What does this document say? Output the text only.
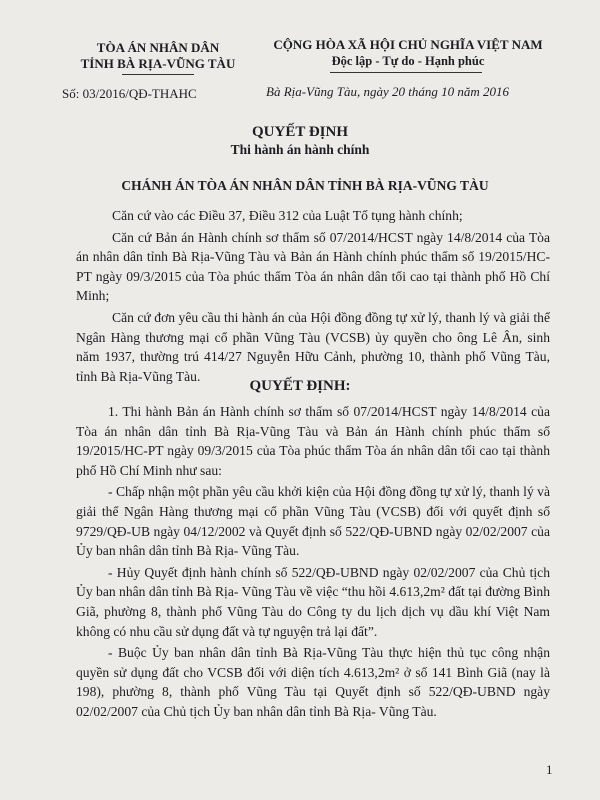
TÒA ÁN NHÂN DÂN
TỈNH BÀ RỊA-VŨNG TÀU
Số: 03/2016/QĐ-THAHC
CỘNG HÒA XÃ HỘI CHỦ NGHĨA VIỆT NAM
Độc lập - Tự do - Hạnh phúc
Bà Rịa-Vũng Tàu, ngày 20 tháng 10 năm 2016
QUYẾT ĐỊNH
Thi hành án hành chính
CHÁNH ÁN TÒA ÁN NHÂN DÂN TỈNH BÀ RỊA-VŨNG TÀU

Căn cứ vào các Điều 37, Điều 312 của Luật Tố tụng hành chính;

Căn cứ Bản án Hành chính sơ thẩm số 07/2014/HCST ngày 14/8/2014 của Tòa án nhân dân tỉnh Bà Rịa-Vũng Tàu và Bản án Hành chính phúc thẩm số 19/2015/HC-PT ngày 09/3/2015 của Tòa phúc thẩm Tòa án nhân dân tối cao tại thành phố Hồ Chí Minh;

Căn cứ đơn yêu cầu thi hành án của Hội đồng đồng tự xử lý, thanh lý và giải thể Ngân Hàng thương mại cổ phần Vũng Tàu (VCSB) ủy quyền cho ông Lê Ân, sinh năm 1937, thường trú 414/27 Nguyễn Hữu Cảnh, phường 10, thành phố Vũng Tàu, tỉnh Bà Rịa-Vũng Tàu.

QUYẾT ĐỊNH:

1. Thi hành Bản án Hành chính sơ thẩm số 07/2014/HCST ngày 14/8/2014 của Tòa án nhân dân tỉnh Bà Rịa-Vũng Tàu và Bản án Hành chính phúc thẩm số 19/2015/HC-PT ngày 09/3/2015 của Tòa phúc thẩm Tòa án nhân dân tối cao tại thành phố Hồ Chí Minh như sau:

- Chấp nhận một phần yêu cầu khởi kiện của Hội đồng đồng tự xử lý, thanh lý và giải thể Ngân Hàng thương mại cổ phần Vũng Tàu (VCSB) đối với quyết định số 9729/QĐ-UB ngày 04/12/2002 và Quyết định số 522/QĐ-UBND ngày 02/02/2007 của Ủy ban nhân dân tỉnh Bà Rịa- Vũng Tàu.

- Hủy Quyết định hành chính số 522/QĐ-UBND ngày 02/02/2007 của Chủ tịch Ủy ban nhân dân tỉnh Bà Rịa- Vũng Tàu về việc “thu hồi 4.613,2m² đất tại đường Bình Giã, phường 8, thành phố Vũng Tàu do Công ty du lịch dịch vụ dầu khí Việt Nam không có nhu cầu sử dụng đất và tự nguyện trả lại đất”.

- Buộc Ủy ban nhân dân tỉnh Bà Rịa-Vũng Tàu thực hiện thủ tục công nhận quyền sử dụng đất cho VCSB đối với diện tích 4.613,2m² ở số 141 Bình Giã (nay là 198), phường 8, thành phố Vũng Tàu tại Quyết định số 522/QĐ-UBND ngày 02/02/2007 của Chủ tịch Ủy ban nhân dân tỉnh Bà Rịa- Vũng Tàu.

1
